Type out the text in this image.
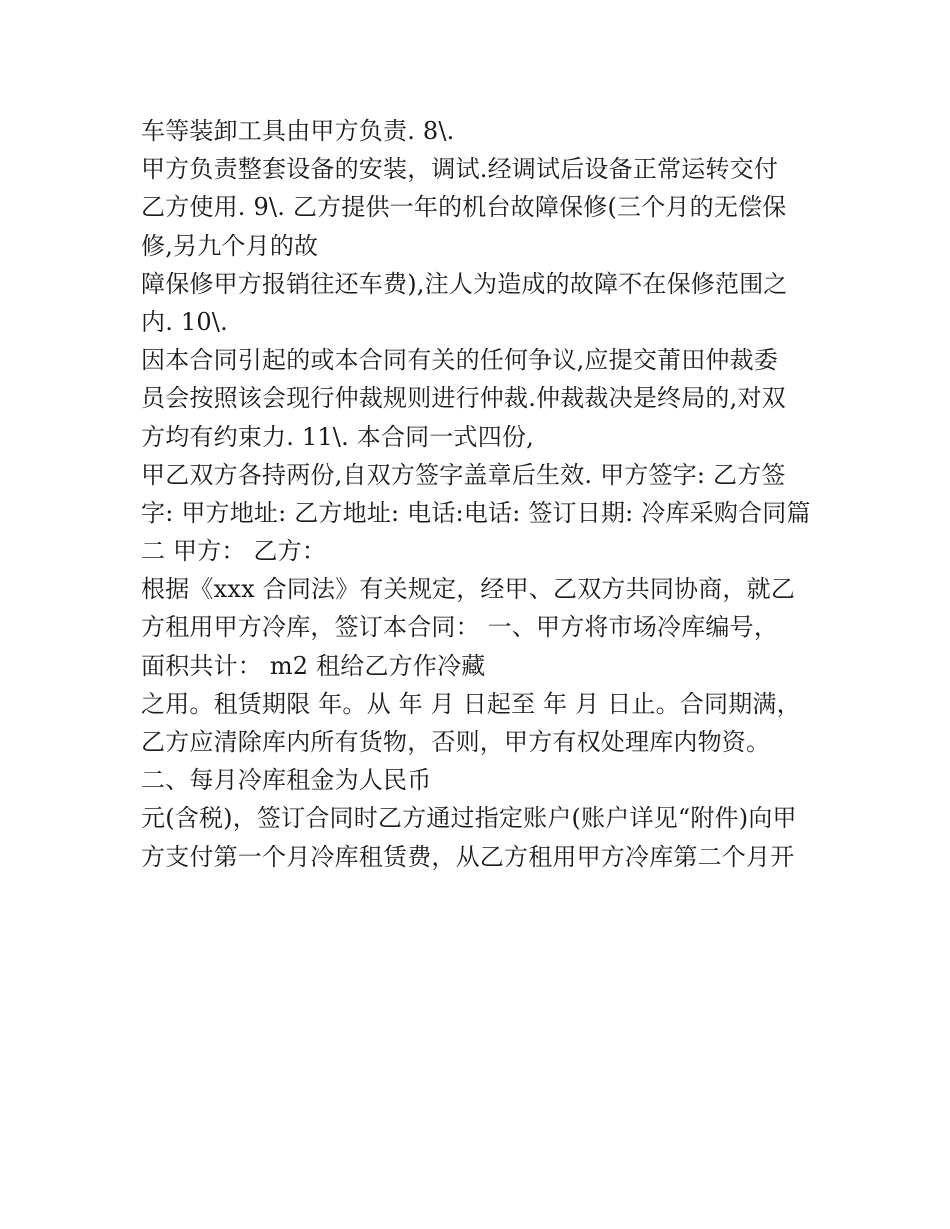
车等装卸工具由甲方负责. 8\.
甲方负责整套设备的安装，调试.经调试后设备正常运转交付
乙方使用. 9\. 乙方提供一年的机台故障保修(三个月的无偿保
修,另九个月的故
障保修甲方报销往还车费),注人为造成的故障不在保修范围之
内. 10\.
因本合同引起的或本合同有关的任何争议,应提交莆田仲裁委
员会按照该会现行仲裁规则进行仲裁.仲裁裁决是终局的,对双
方均有约束力. 11\. 本合同一式四份,
甲乙双方各持两份,自双方签字盖章后生效. 甲方签字: 乙方签
字: 甲方地址: 乙方地址: 电话:电话: 签订日期: 冷库采购合同篇
二 甲方： 乙方：
根据《xxx 合同法》有关规定，经甲、乙双方共同协商，就乙
方租用甲方冷库，签订本合同： 一、甲方将市场冷库编号，
面积共计： m2 租给乙方作冷藏
之用。租赁期限 年。从 年 月 日起至 年 月 日止。合同期满，
乙方应清除库内所有货物，否则，甲方有权处理库内物资。
二、每月冷库租金为人民币
元(含税)，签订合同时乙方通过指定账户(账户详见“附件)向甲
方支付第一个月冷库租赁费，从乙方租用甲方冷库第二个月开
